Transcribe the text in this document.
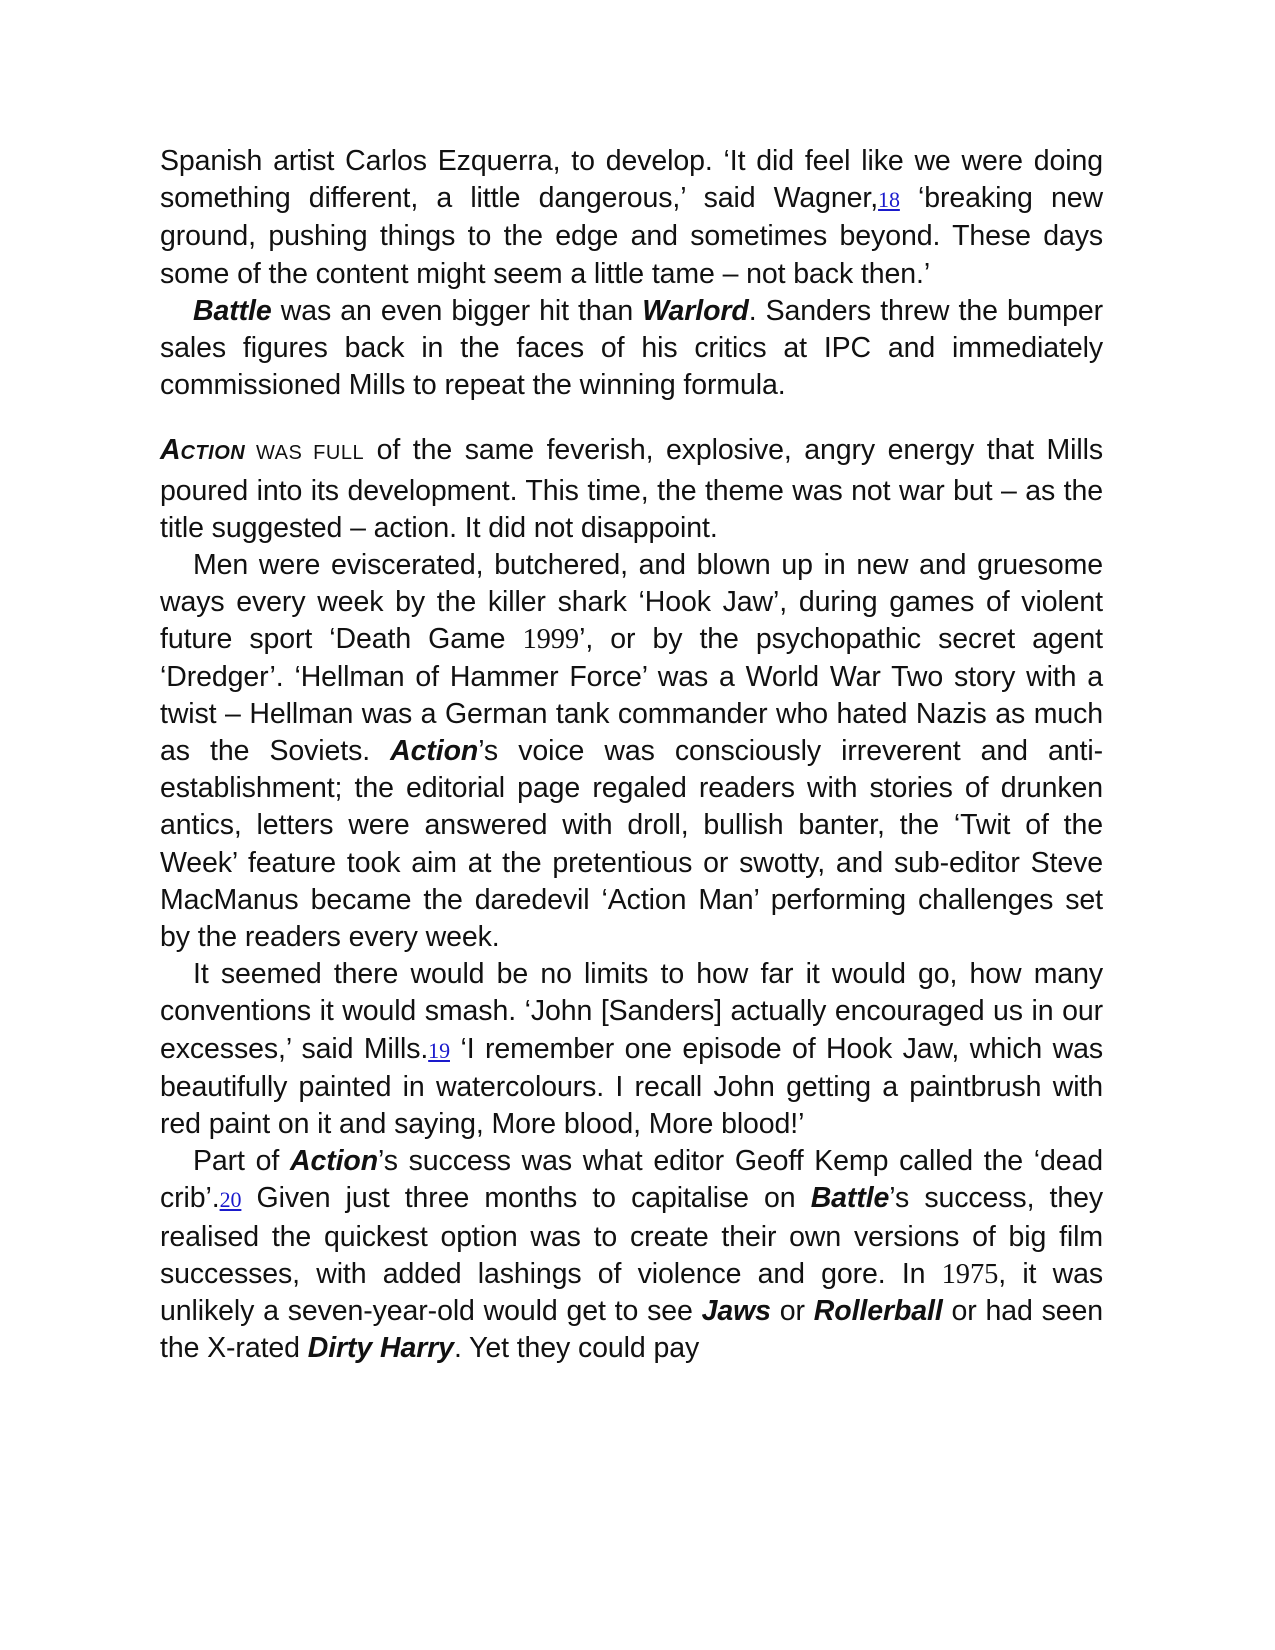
Spanish artist Carlos Ezquerra, to develop. ‘It did feel like we were doing something different, a little dangerous,’ said Wagner,18 ‘breaking new ground, pushing things to the edge and sometimes beyond. These days some of the content might seem a little tame – not back then.’

Battle was an even bigger hit than Warlord. Sanders threw the bumper sales figures back in the faces of his critics at IPC and immediately commissioned Mills to repeat the winning formula.

ACTION WAS FULL of the same feverish, explosive, angry energy that Mills poured into its development. This time, the theme was not war but – as the title suggested – action. It did not disappoint.

Men were eviscerated, butchered, and blown up in new and gruesome ways every week by the killer shark ‘Hook Jaw’, during games of violent future sport ‘Death Game 1999’, or by the psychopathic secret agent ‘Dredger’. ‘Hellman of Hammer Force’ was a World War Two story with a twist – Hellman was a German tank commander who hated Nazis as much as the Soviets. Action’s voice was consciously irreverent and anti-establishment; the editorial page regaled readers with stories of drunken antics, letters were answered with droll, bullish banter, the ‘Twit of the Week’ feature took aim at the pretentious or swotty, and sub-editor Steve MacManus became the daredevil ‘Action Man’ performing challenges set by the readers every week.

It seemed there would be no limits to how far it would go, how many conventions it would smash. ‘John [Sanders] actually encouraged us in our excesses,’ said Mills.19 ‘I remember one episode of Hook Jaw, which was beautifully painted in watercolours. I recall John getting a paintbrush with red paint on it and saying, More blood, More blood!’

Part of Action’s success was what editor Geoff Kemp called the ‘dead crib’.20 Given just three months to capitalise on Battle’s success, they realised the quickest option was to create their own versions of big film successes, with added lashings of violence and gore. In 1975, it was unlikely a seven-year-old would get to see Jaws or Rollerball or had seen the X-rated Dirty Harry. Yet they could pay
